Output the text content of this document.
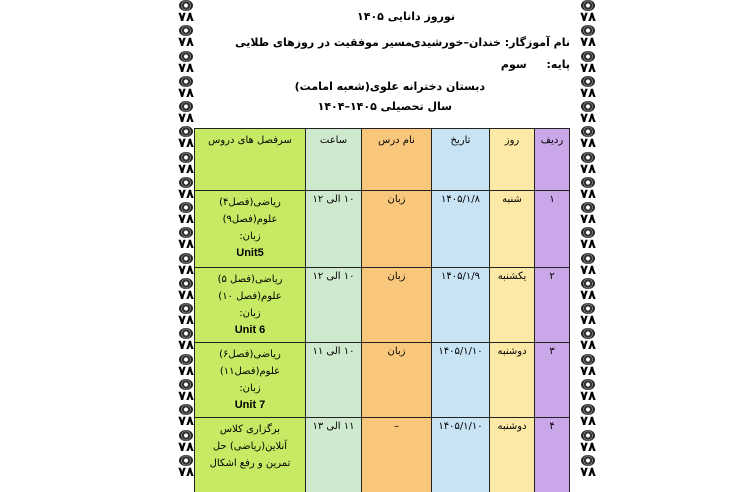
۷۸
۷۸
۷۸
۷۸
۷۸
۷۸
۷۸
۷۸
۷۸
۷۸
۷۸
۷۸
۷۸
۷۸
۷۸
۷۸
۷۸
۷۸
۷۸
۷۸
۷۸
۷۸
۷۸
۷۸
۷۸
۷۸
۷۸
۷۸
۷۸
۷۸
۷۸
۷۸
۷۸
۷۸
۷۸
۷۸
۷۸
۷۸
نوروز دانایی ۱۴۰۵
نام آموزگار: خندان–خورشیدی
مسیر موفقیت در روزهای طلایی
پایه: سوم
دبستان دخترانه علوی(شعبه امامت)
سال تحصیلی ۱۴۰۵–۱۴۰۴
ردیف	روز	تاریخ	نام درس	ساعت	سرفصل های دروس
۱	شنبه	۱۴۰۵/۱/۸	زبان	۱۰ الی ۱۲	ریاضی(فصل۴)
علوم(فصل۹)
زبان:
Unit5

۲	یکشنبه	۱۴۰۵/۱/۹	زبان	۱۰ الی ۱۲	ریاضی(فصل ۵)
علوم(فصل ۱۰)
زبان:
Unit 6

۳	دوشنبه	۱۴۰۵/۱/۱۰	زبان	۱۰ الی ۱۱	ریاضی(فصل۶)
علوم(فصل۱۱)
زبان:
Unit 7

۴	دوشنبه	۱۴۰۵/۱/۱۰	–	۱۱ الی ۱۳	برگزاری کلاس
آنلاین(ریاضی) حل
تمرین و رفع اشکال
